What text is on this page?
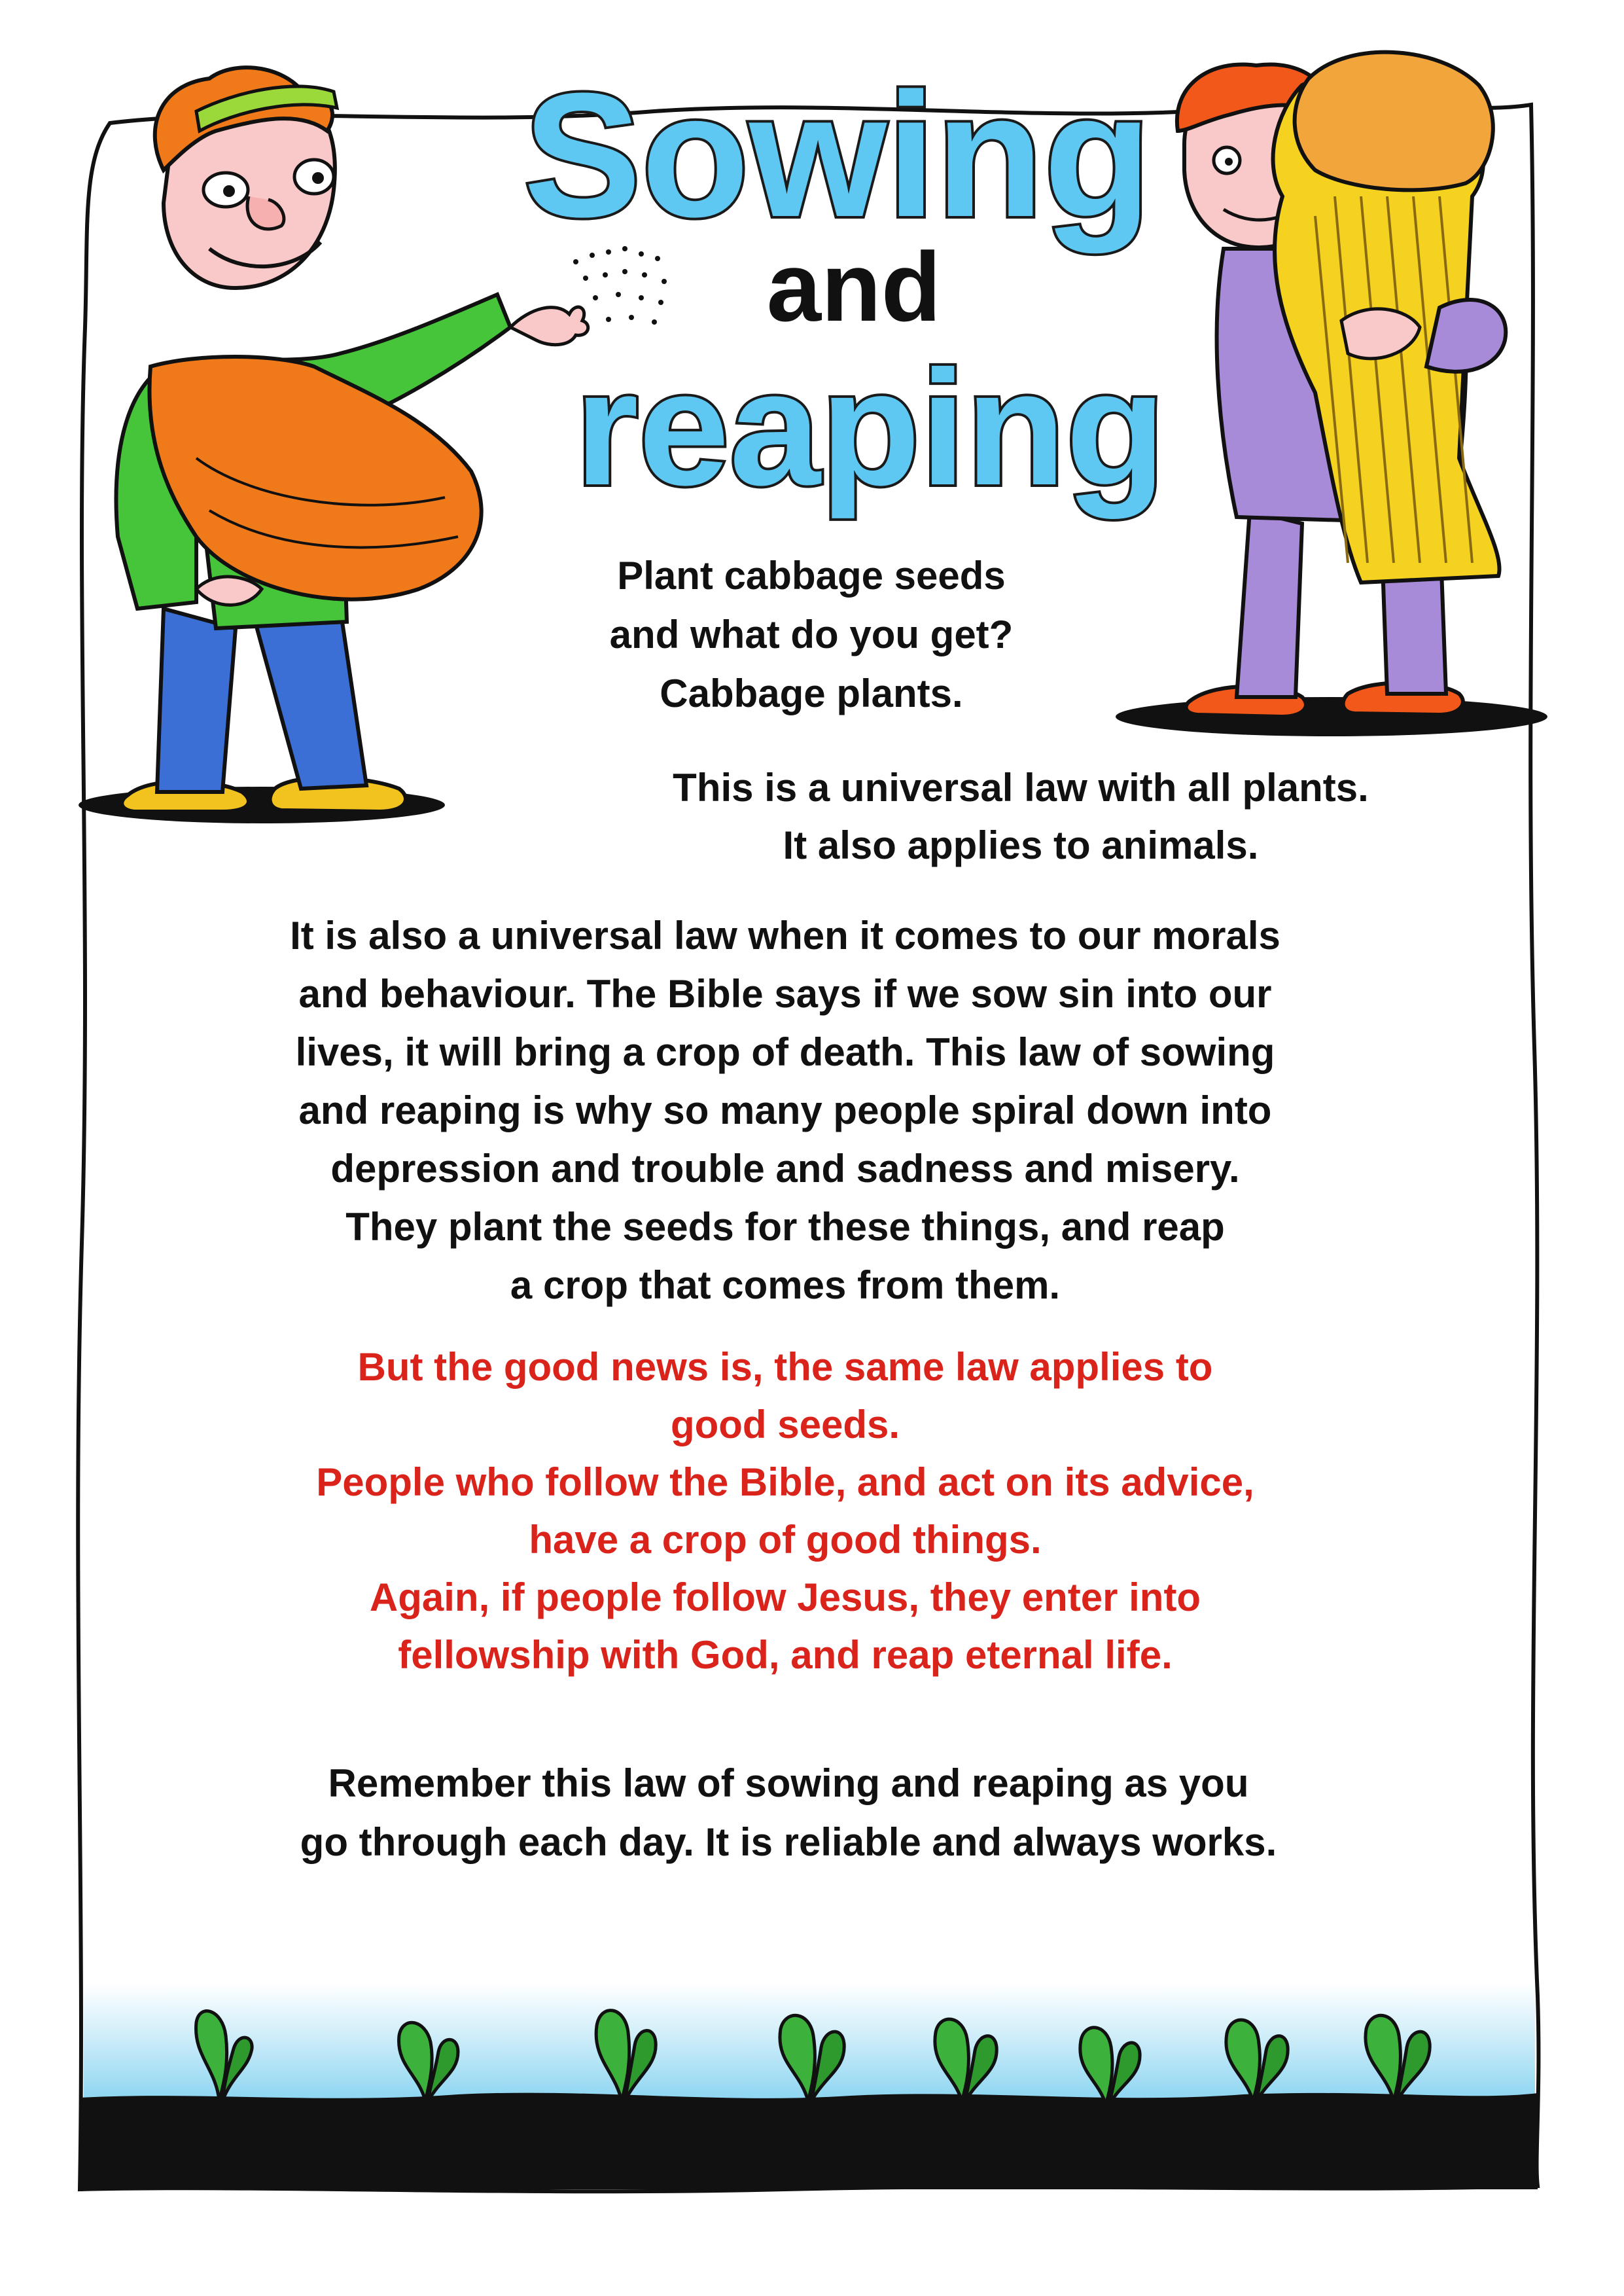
Sowing
and
reaping

Plant cabbage seeds
and what do you get?
Cabbage plants.

This is a universal law with all plants.
It also applies to animals.

It is also a universal law when it comes to our morals
and behaviour. The Bible says if we sow sin into our
lives, it will bring a crop of death. This law of sowing
and reaping is why so many people spiral down into
depression and trouble and sadness and misery.
They plant the seeds for these things, and reap
a crop that comes from them.

But the good news is, the same law applies to
good seeds.
People who follow the Bible, and act on its advice,
have a crop of good things.
Again, if people follow Jesus, they enter into
fellowship with God, and reap eternal life.

Remember this law of sowing and reaping as you
go through each day. It is reliable and always works.
